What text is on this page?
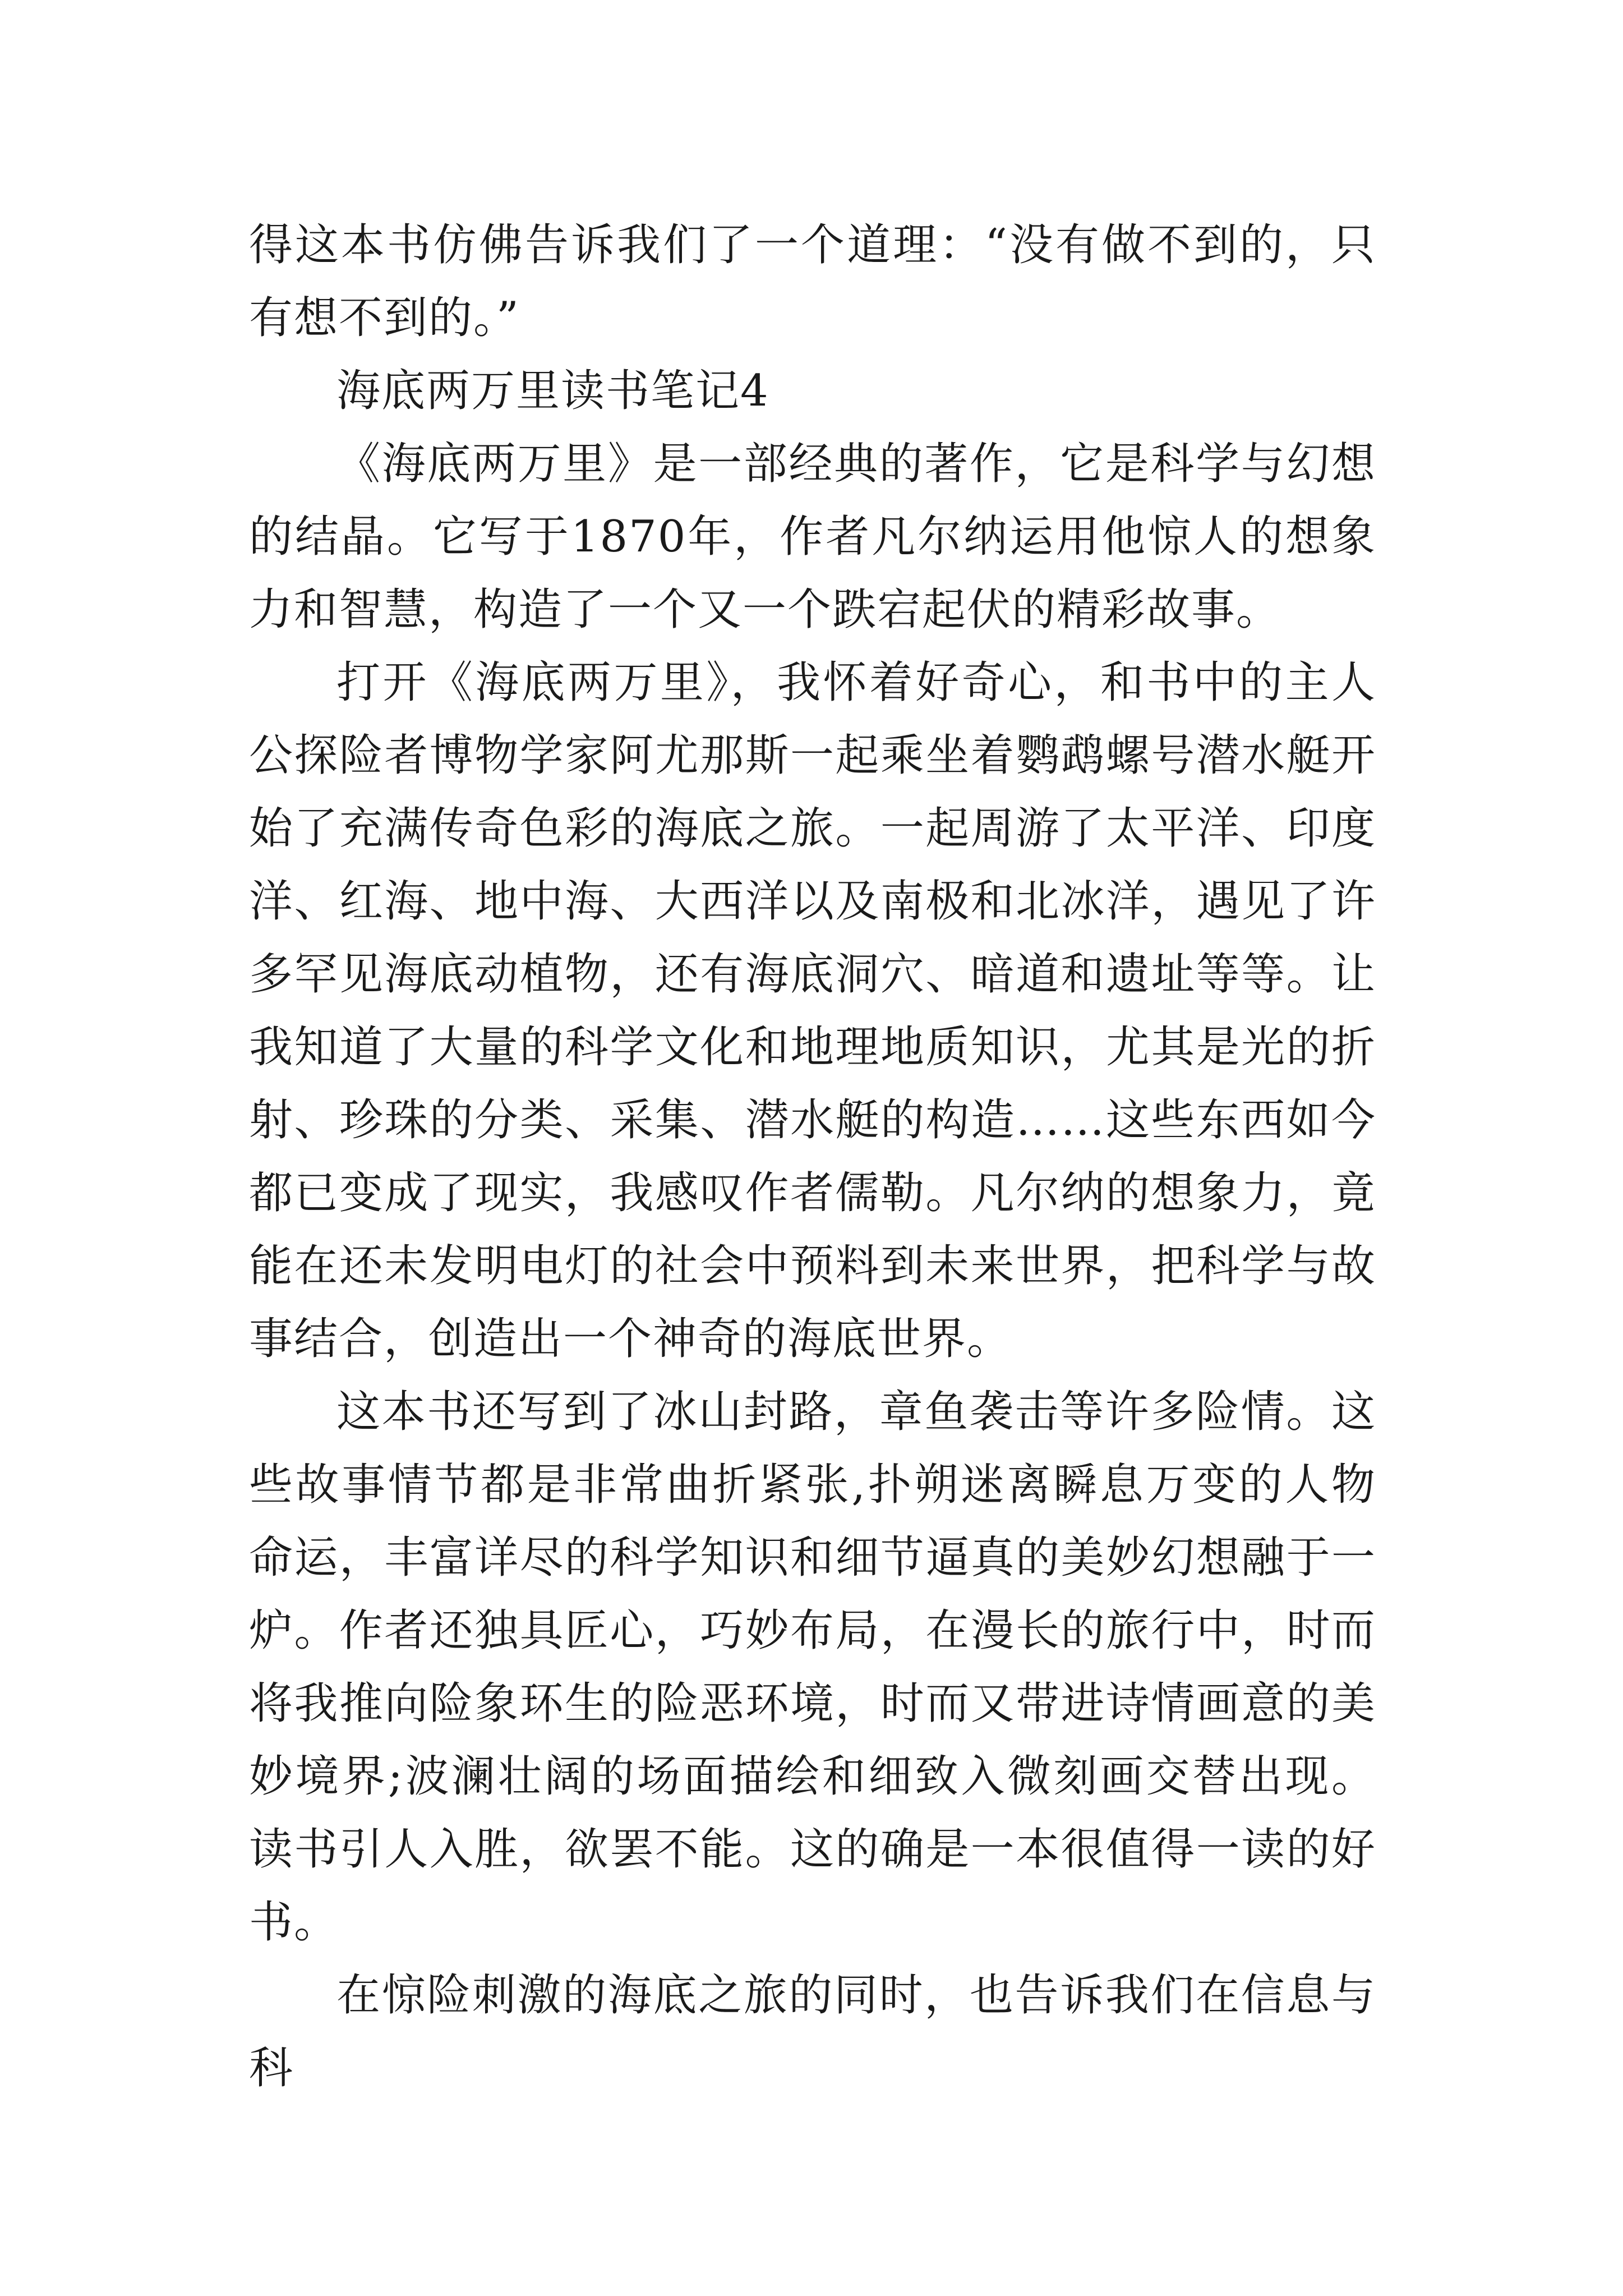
得这本书仿佛告诉我们了一个道理：“没有做不到的，只有想不到的。”

海底两万里读书笔记4

《海底两万里》是一部经典的著作，它是科学与幻想的结晶。它写于1870年，作者凡尔纳运用他惊人的想象力和智慧，构造了一个又一个跌宕起伏的精彩故事。

打开《海底两万里》，我怀着好奇心，和书中的主人公探险者博物学家阿尤那斯一起乘坐着鹦鹉螺号潜水艇开始了充满传奇色彩的海底之旅。一起周游了太平洋、印度洋、红海、地中海、大西洋以及南极和北冰洋，遇见了许多罕见海底动植物，还有海底洞穴、暗道和遗址等等。让我知道了大量的科学文化和地理地质知识，尤其是光的折射、珍珠的分类、采集、潜水艇的构造……这些东西如今都已变成了现实，我感叹作者儒勒。凡尔纳的想象力，竟能在还未发明电灯的社会中预料到未来世界，把科学与故事结合，创造出一个神奇的海底世界。

这本书还写到了冰山封路，章鱼袭击等许多险情。这些故事情节都是非常曲折紧张,扑朔迷离瞬息万变的人物命运，丰富详尽的科学知识和细节逼真的美妙幻想融于一炉。作者还独具匠心，巧妙布局，在漫长的旅行中，时而将我推向险象环生的险恶环境，时而又带进诗情画意的美妙境界;波澜壮阔的场面描绘和细致入微刻画交替出现。读书引人入胜，欲罢不能。这的确是一本很值得一读的好书。

在惊险刺激的海底之旅的同时，也告诉我们在信息与科
